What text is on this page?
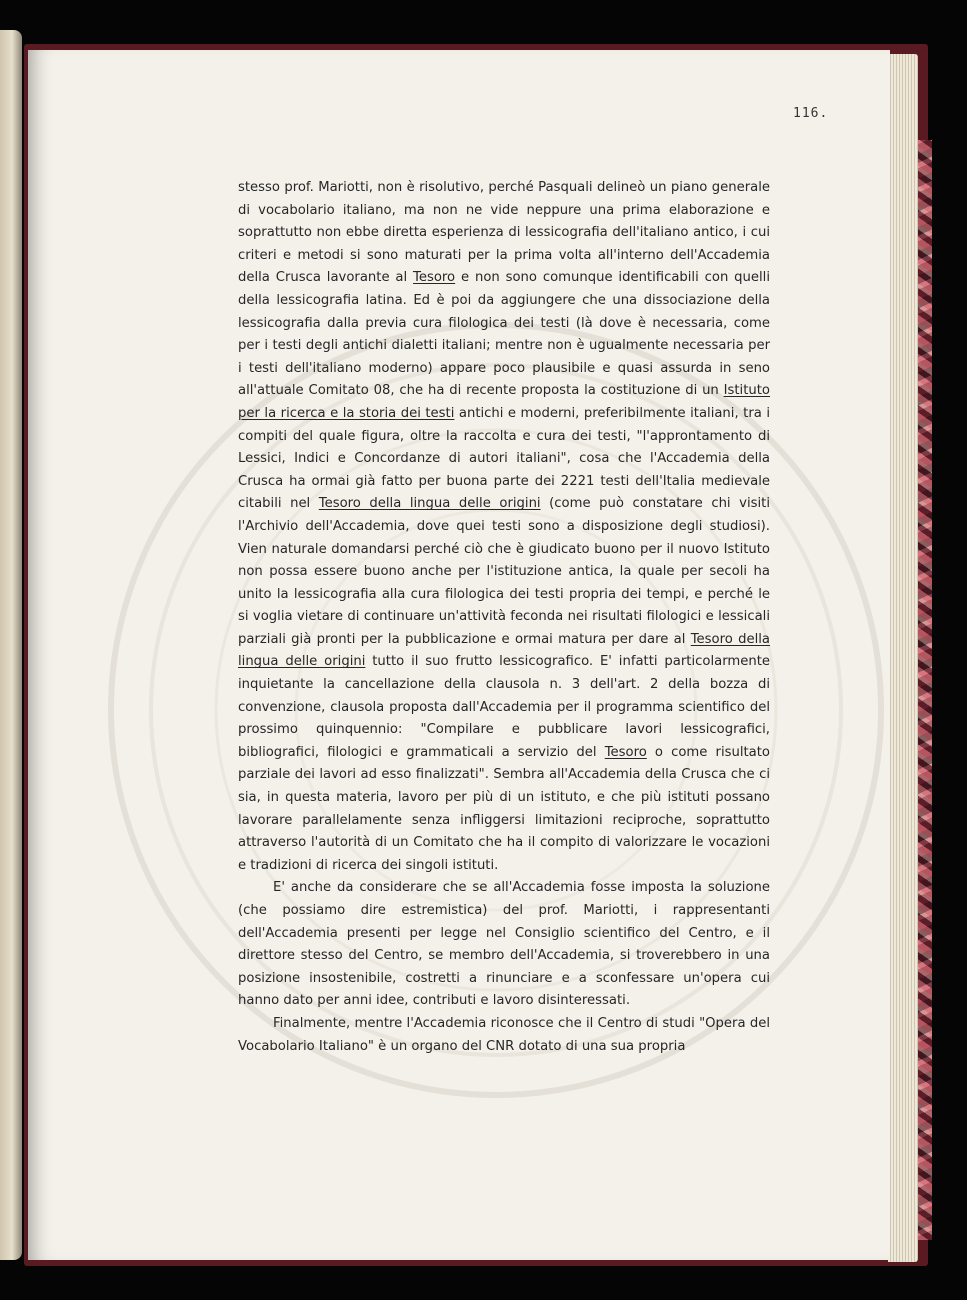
116.

stesso prof. Mariotti, non è risolutivo, perché Pasquali delineò un piano generale di vocabolario italiano, ma non ne vide neppure una prima elaborazione e soprattutto non ebbe diretta esperienza di lessicografia dell'italiano antico, i cui criteri e metodi si sono maturati per la prima volta all'interno dell'Accademia della Crusca lavorante al Tesoro e non sono comunque identificabili con quelli della lessicografia latina. Ed è poi da aggiungere che una dissociazione della lessicografia dalla previa cura filologica dei testi (là dove è necessaria, come per i testi degli antichi dialetti italiani; mentre non è ugualmente necessaria per i testi dell'italiano moderno) appare poco plausibile e quasi assurda in seno all'attuale Comitato 08, che ha di recente proposta la costituzione di un Istituto per la ricerca e la storia dei testi antichi e moderni, preferibilmente italiani, tra i compiti del quale figura, oltre la raccolta e cura dei testi, "l'approntamento di Lessici, Indici e Concordanze di autori italiani", cosa che l'Accademia della Crusca ha ormai già fatto per buona parte dei 2221 testi dell'Italia medievale citabili nel Tesoro della lingua delle origini (come può constatare chi visiti l'Archivio dell'Accademia, dove quei testi sono a disposizione degli studiosi). Vien naturale domandarsi perché ciò che è giudicato buono per il nuovo Istituto non possa essere buono anche per l'istituzione antica, la quale per secoli ha unito la lessicografia alla cura filologica dei testi propria dei tempi, e perché le si voglia vietare di continuare un'attività feconda nei risultati filologici e lessicali parziali già pronti per la pubblicazione e ormai matura per dare al Tesoro della lingua delle origini tutto il suo frutto lessicografico. E' infatti particolarmente inquietante la cancellazione della clausola n. 3 dell'art. 2 della bozza di convenzione, clausola proposta dall'Accademia per il programma scientifico del prossimo quinquennio: "Compilare e pubblicare lavori lessicografici, bibliografici, filologici e grammaticali a servizio del Tesoro o come risultato parziale dei lavori ad esso finalizzati". Sembra all'Accademia della Crusca che ci sia, in questa materia, lavoro per più di un istituto, e che più istituti possano lavorare parallelamente senza infliggersi limitazioni reciproche, soprattutto attraverso l'autorità di un Comitato che ha il compito di valorizzare le vocazioni e tradizioni di ricerca dei singoli istituti.

E' anche da considerare che se all'Accademia fosse imposta la soluzione (che possiamo dire estremistica) del prof. Mariotti, i rappresentanti dell'Accademia presenti per legge nel Consiglio scientifico del Centro, e il direttore stesso del Centro, se membro dell'Accademia, si troverebbero in una posizione insostenibile, costretti a rinunciare e a sconfessare un'opera cui hanno dato per anni idee, contributi e lavoro disinteressati.

Finalmente, mentre l'Accademia riconosce che il Centro di studi "Opera del Vocabolario Italiano" è un organo del CNR dotato di una sua propria
